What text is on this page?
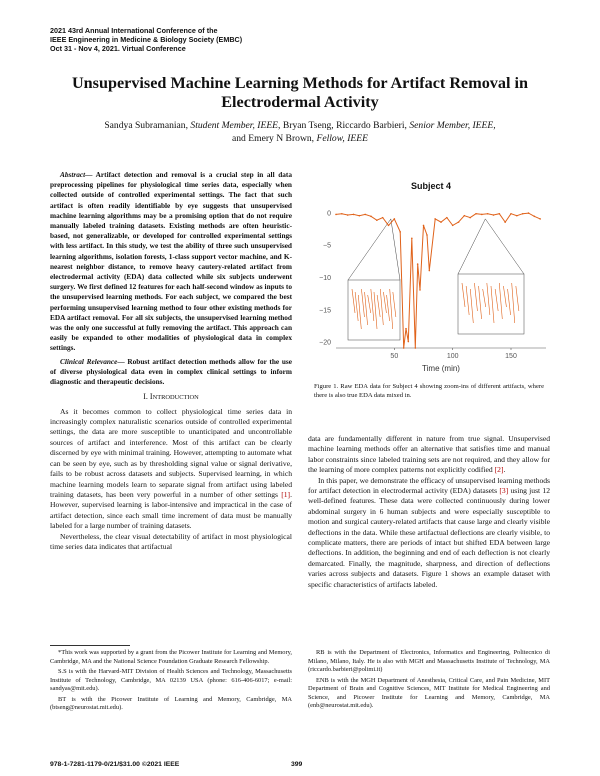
2021 43rd Annual International Conference of the
IEEE Engineering in Medicine & Biology Society (EMBC)
Oct 31 - Nov 4, 2021. Virtual Conference
Unsupervised Machine Learning Methods for Artifact Removal in
Electrodermal Activity
Sandya Subramanian, Student Member, IEEE, Bryan Tseng, Riccardo Barbieri, Senior Member, IEEE,
and Emery N Brown, Fellow, IEEE

Abstract— Artifact detection and removal is a crucial step in all data preprocessing pipelines for physiological time series data, especially when collected outside of controlled experimental settings. The fact that such artifact is often readily identifiable by eye suggests that unsupervised machine learning algorithms may be a promising option that do not require manually labeled training datasets. Existing methods are often heuristic-based, not generalizable, or developed for controlled experimental settings with less artifact. In this study, we test the ability of three such unsupervised learning algorithms, isolation forests, 1-class support vector machine, and K-nearest neighbor distance, to remove heavy cautery-related artifact from electrodermal activity (EDA) data collected while six subjects underwent surgery. We first defined 12 features for each half-second window as inputs to the unsupervised learning methods. For each subject, we compared the best performing unsupervised learning method to four other existing methods for EDA artifact removal. For all six subjects, the unsupervised learning method was the only one successful at fully removing the artifact. This approach can easily be expanded to other modalities of physiological data in complex settings.

Clinical Relevance— Robust artifact detection methods allow for the use of diverse physiological data even in complex clinical settings to inform diagnostic and therapeutic decisions.

I. INTRODUCTION

As it becomes common to collect physiological time series data in increasingly complex naturalistic scenarios outside of controlled experimental settings, the data are more susceptible to unanticipated and uncontrollable sources of artifact and interference. Most of this artifact can be clearly discerned by eye with minimal training. However, attempting to automate what can be seen by eye, such as by thresholding signal value or signal derivative, fails to be robust across datasets and subjects. Supervised learning, in which machine learning models learn to separate signal from artifact using labeled training datasets, has been very powerful in a number of other settings [1]. However, supervised learning is labor-intensive and impractical in the case of artifact detection, since each small time increment of data must be manually labeled for a large number of training datasets.

Nevertheless, the clear visual detectability of artifact in most physiological time series data indicates that artifactual

Subject 4
0
−5
−10
−15
−20
50	100	150
Time (min)
Figure 1. Raw EDA data for Subject 4 showing zoom-ins of different artifacts, where there is also true EDA data mixed in.

data are fundamentally different in nature from true signal. Unsupervised machine learning methods offer an alternative that satisfies time and manual labor constraints since labeled training sets are not required, and they allow for the learning of more complex patterns not explicitly codified [2].

In this paper, we demonstrate the efficacy of unsupervised learning methods for artifact detection in electrodermal activity (EDA) datasets [3] using just 12 well-defined features. These data were collected continuously during lower abdominal surgery in 6 human subjects and were especially susceptible to motion and surgical cautery-related artifacts that cause large and clearly visible deflections in the data. While these artifactual deflections are clearly visible, to complicate matters, there are periods of intact but shifted EDA between large deflections. In addition, the beginning and end of each deflection is not clearly demarcated. Finally, the magnitude, sharpness, and direction of deflections varies across subjects and datasets. Figure 1 shows an example dataset with specific characteristics of artifacts labeled.

*This work was supported by a grant from the Picower Institute for Learning and Memory, Cambridge, MA and the National Science Foundation Graduate Research Fellowship.

S.S is with the Harvard-MIT Division of Health Sciences and Technology, Massachusetts Institute of Technology, Cambridge, MA 02139 USA (phone: 616-406-6017; e-mail: sandyas@mit.edu).

BT is with the Picower Institute of Learning and Memory, Cambridge, MA (btseng@neurostat.mit.edu).

RB is with the Department of Electronics, Informatics and Engineering, Politecnico di Milano, Milano, Italy. He is also with MGH and Massachusetts Institute of Technology, MA (riccardo.barbieri@polimi.it)

ENB is with the MGH Department of Anesthesia, Critical Care, and Pain Medicine, MIT Department of Brain and Cognitive Sciences, MIT Institute for Medical Engineering and Science, and Picower Institute for Learning and Memory, Cambridge, MA (enb@neurostat.mit.edu).

978-1-7281-1179-0/21/$31.00 ©2021 IEEE	399
